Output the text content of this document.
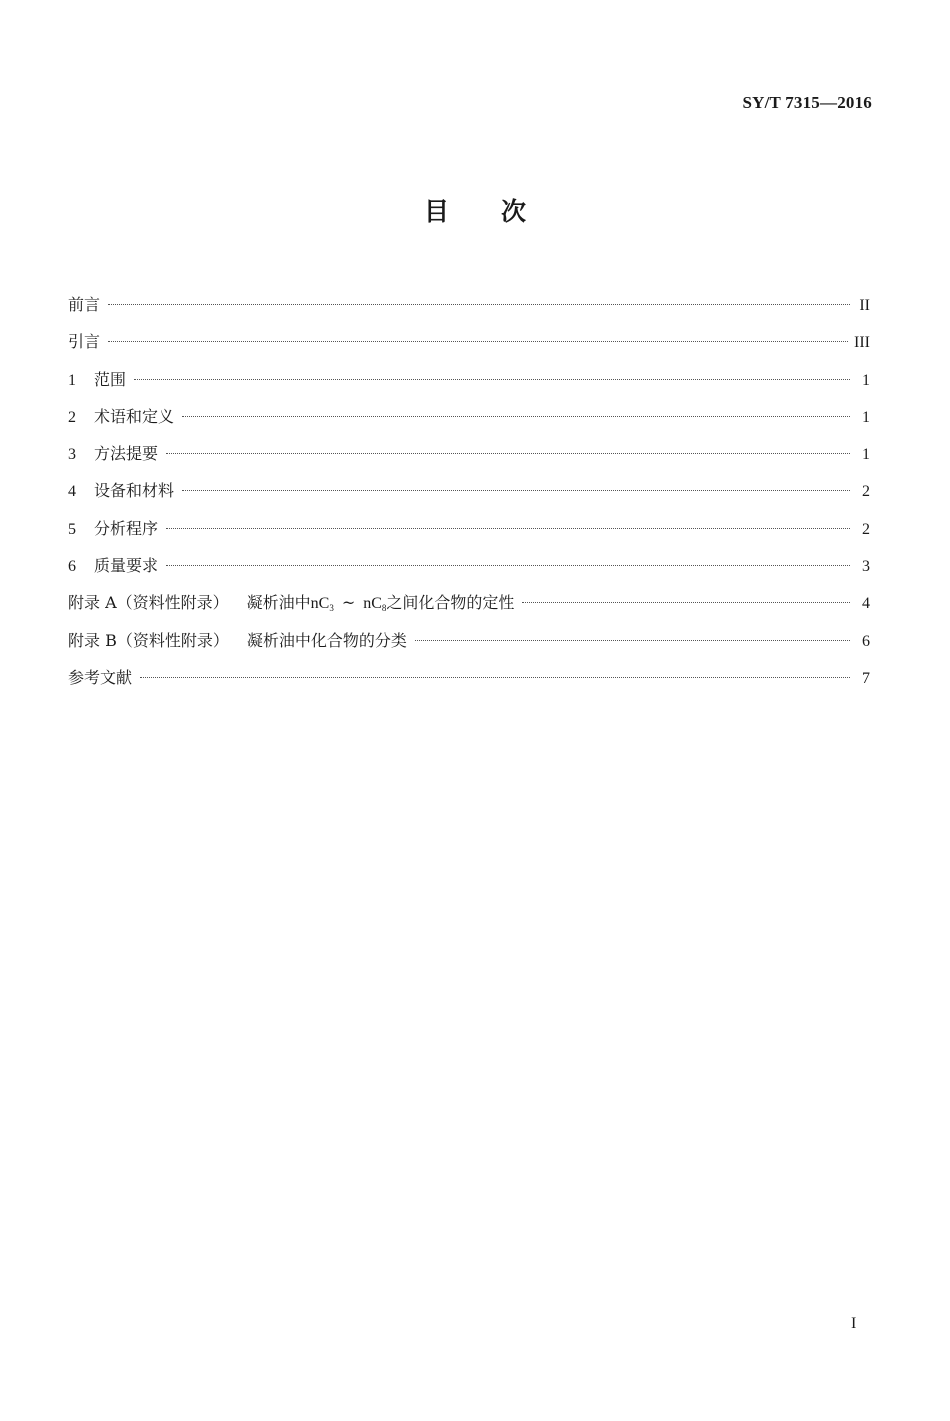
SY/T 7315—2016
目次
前言	II
引言	III
1	范围	1
2	术语和定义	1
3	方法提要	1
4	设备和材料	2
5	分析程序	2
6	质量要求	3
附录 A（资料性附录） 凝析油中 $nC_3$ ~ $nC_8$ 之间化合物的定性	4
附录 B（资料性附录） 凝析油中化合物的分类	6
参考文献	7
I
